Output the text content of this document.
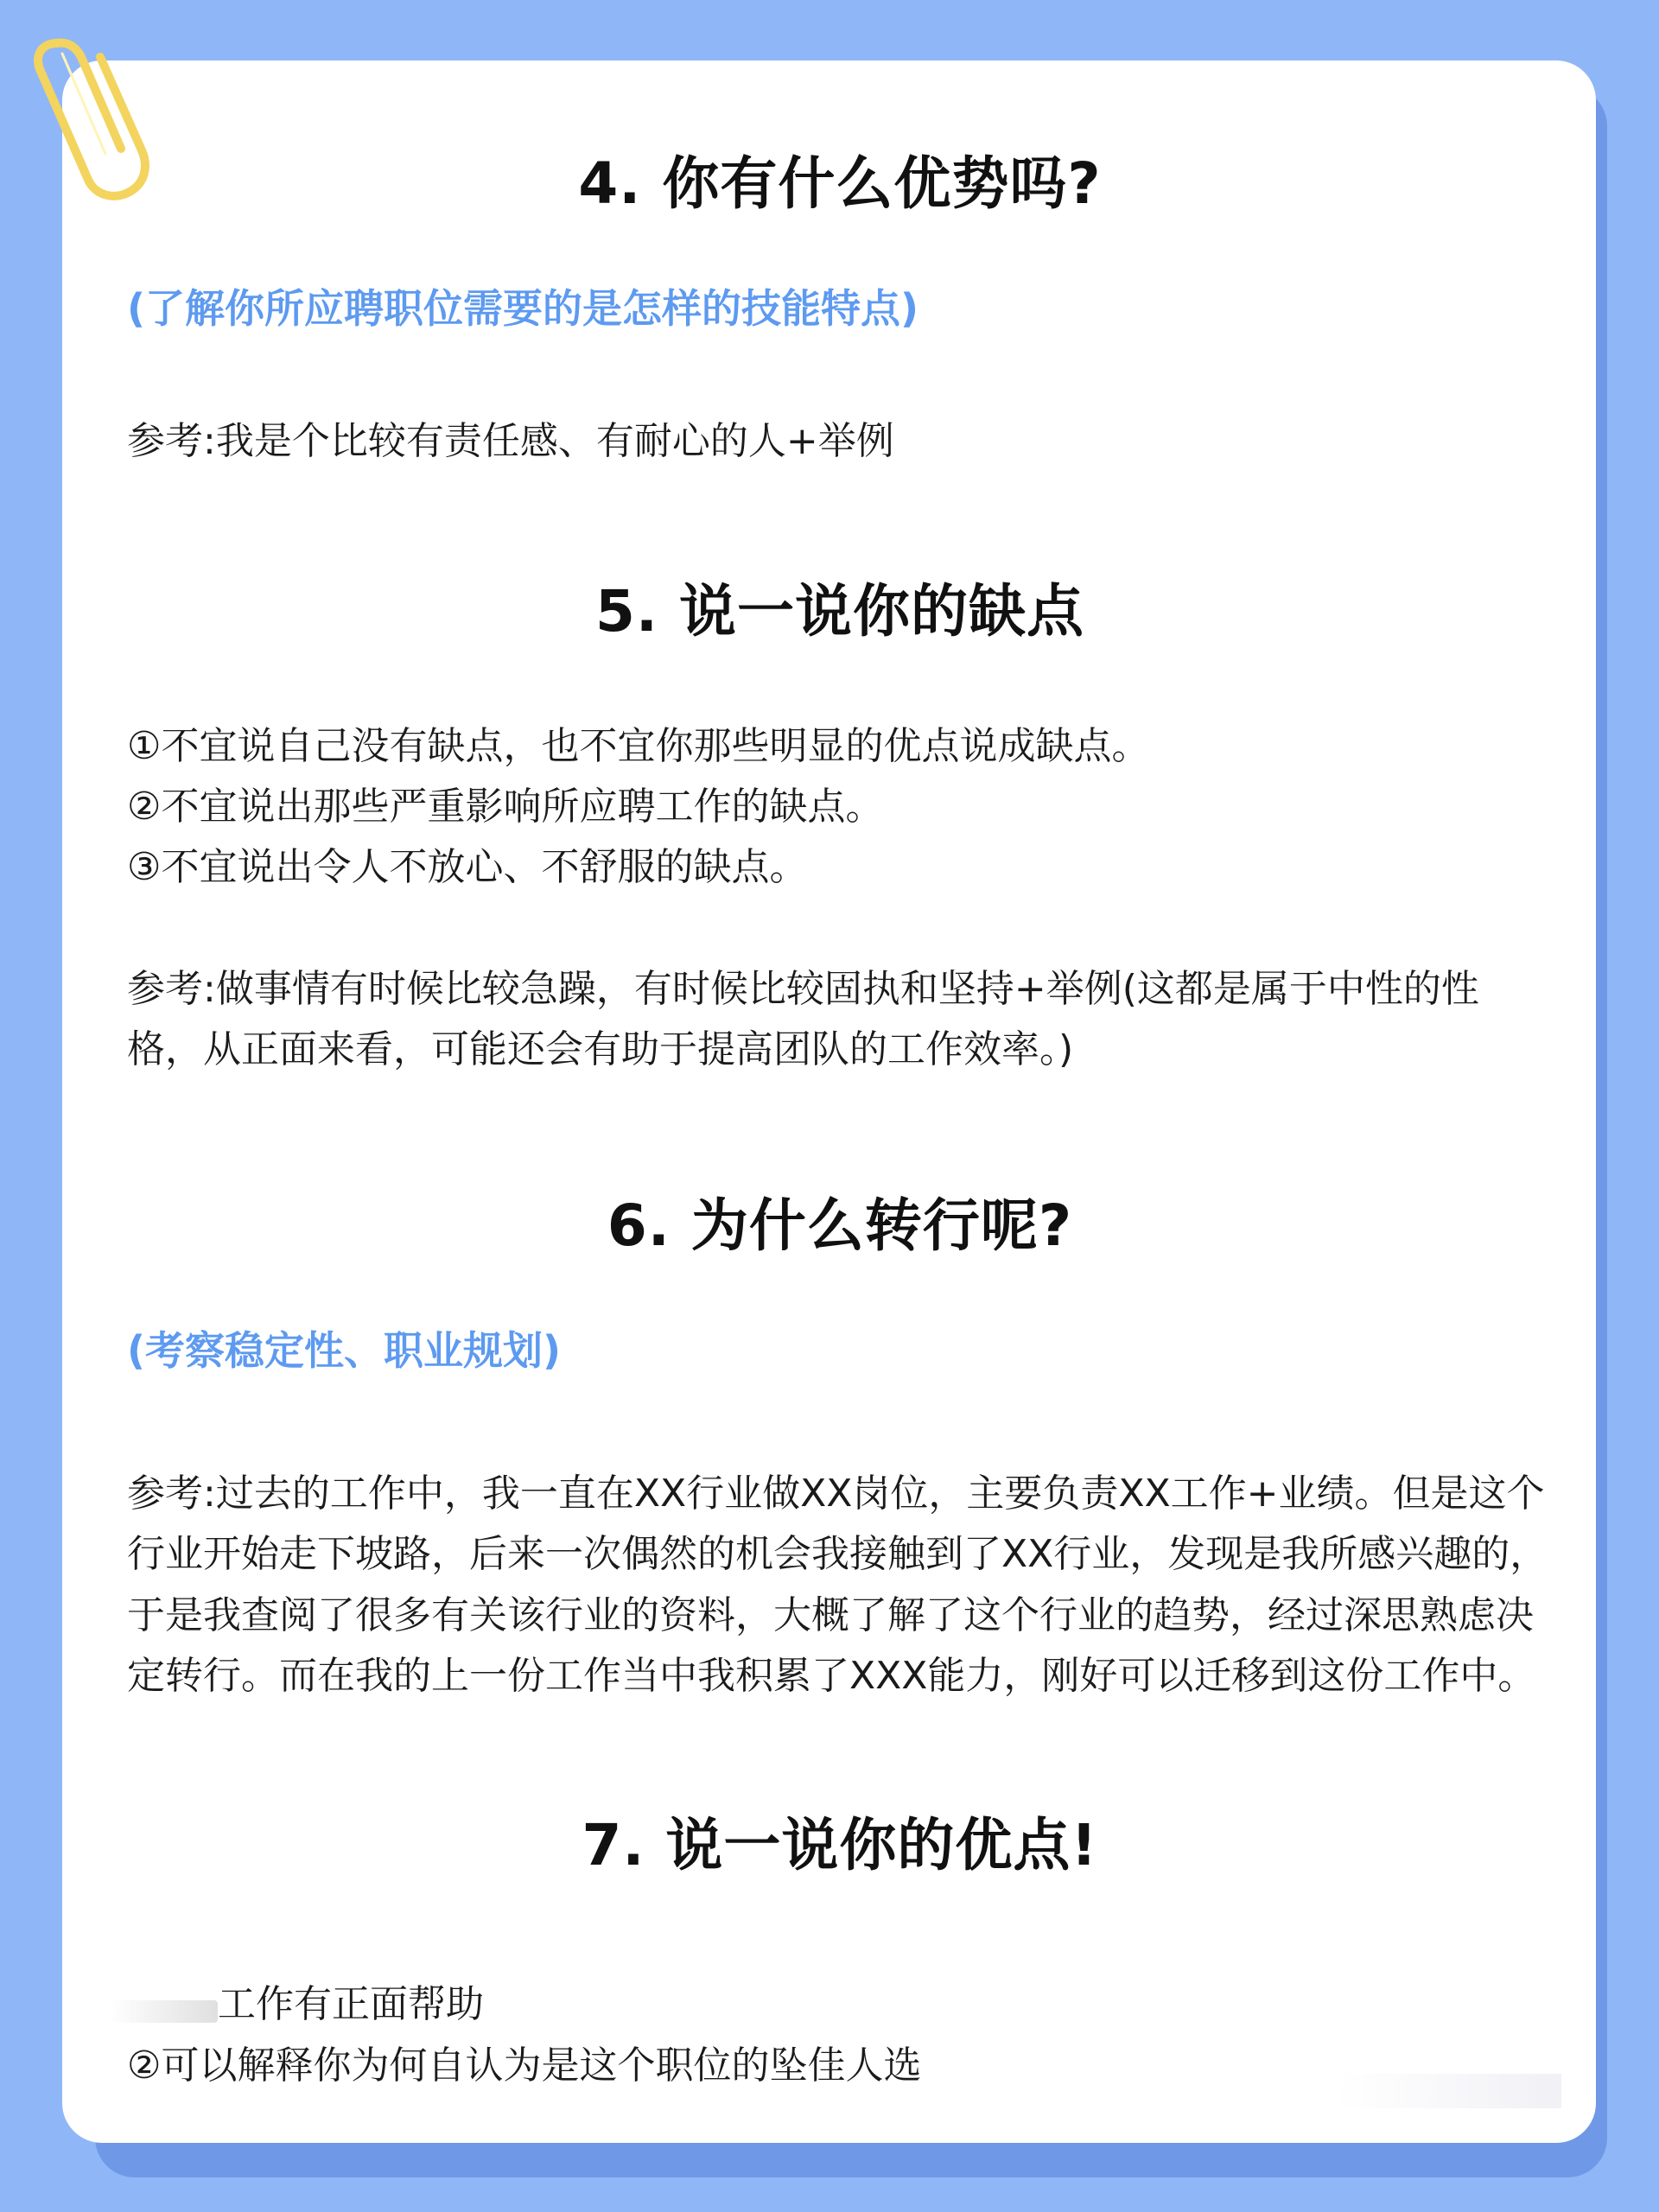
4. 你有什么优势吗?

(了解你所应聘职位需要的是怎样的技能特点)

参考:我是个比较有责任感、有耐心的人+举例

5. 说一说你的缺点
①不宜说自己没有缺点，也不宜你那些明显的优点说成缺点。
②不宜说出那些严重影响所应聘工作的缺点。
③不宜说出令人不放心、不舒服的缺点。

参考:做事情有时候比较急躁，有时候比较固执和坚持+举例(这都是属于中性的性格，从正面来看，可能还会有助于提高团队的工作效率。)

6. 为什么转行呢?

(考察稳定性、职业规划)

参考:过去的工作中，我一直在XX行业做XX岗位，主要负责XX工作+业绩。但是这个行业开始走下坡路，后来一次偶然的机会我接触到了XX行业，发现是我所感兴趣的，于是我查阅了很多有关该行业的资料，大概了解了这个行业的趋势，经过深思熟虑决定转行。而在我的上一份工作当中我积累了XXX能力，刚好可以迁移到这份工作中。

7. 说一说你的优点!
工作有正面帮助
②可以解释你为何自认为是这个职位的坠佳人选
